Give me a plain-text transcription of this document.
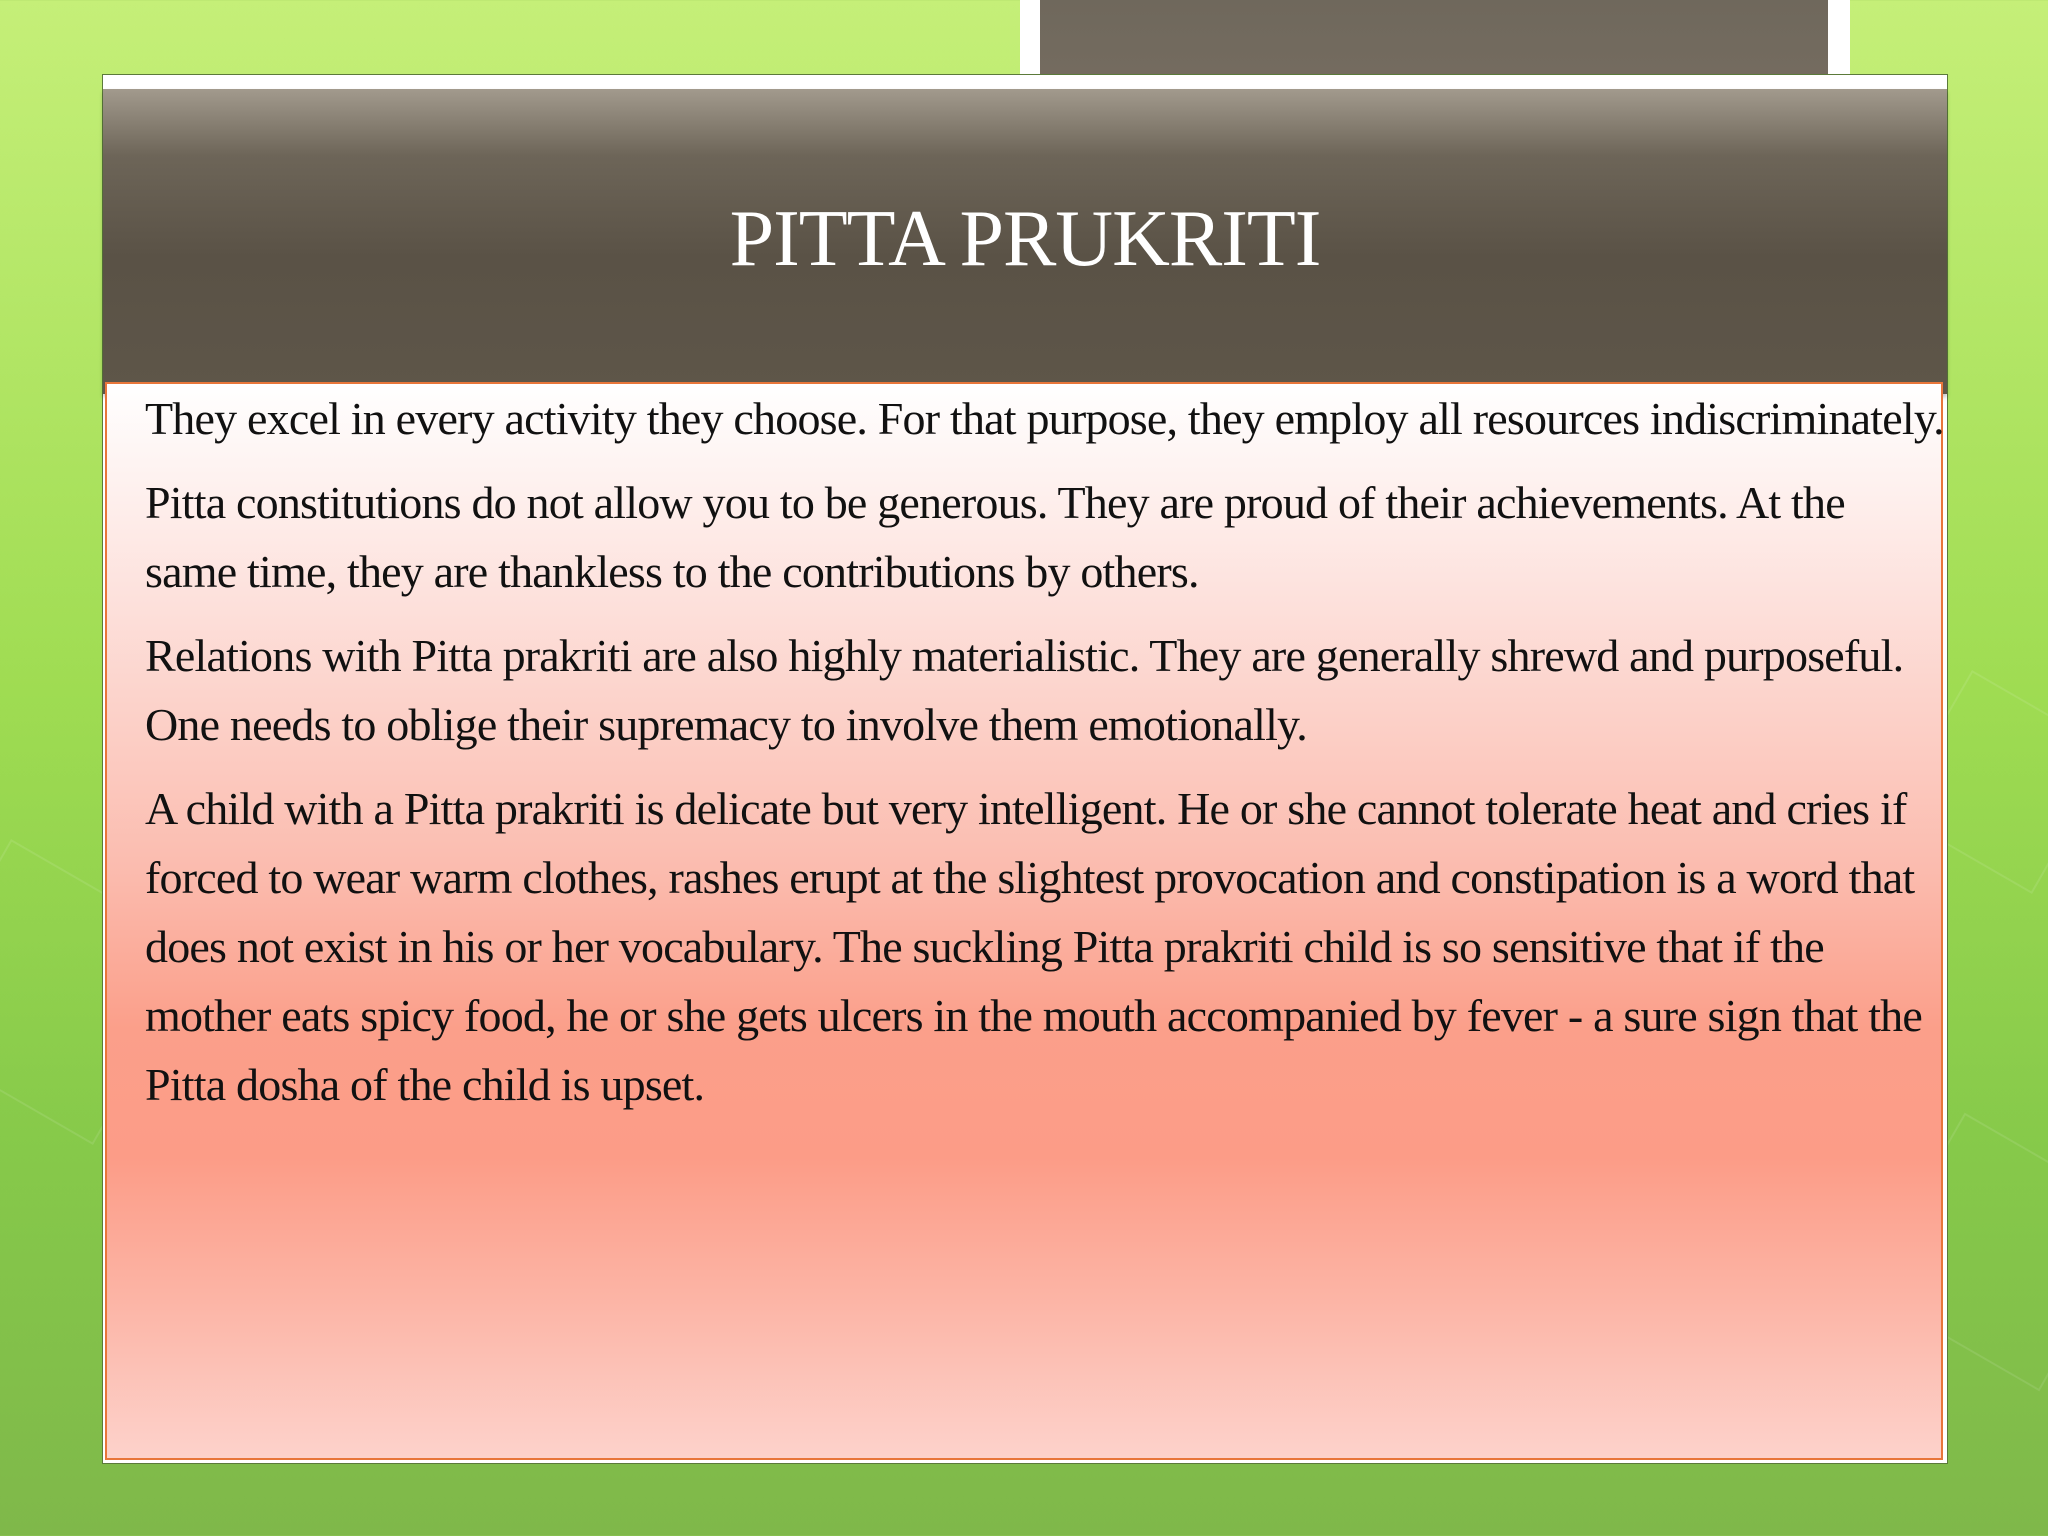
PITTA PRUKRITI

They excel in every activity they choose. For that purpose, they employ all resources indiscriminately.

Pitta constitutions do not allow you to be generous. They are proud of their achievements. At the same time, they are thankless to the contributions by others.

Relations with Pitta prakriti are also highly materialistic. They are generally shrewd and purposeful. One needs to oblige their supremacy to involve them emotionally.

A child with a Pitta prakriti is delicate but very intelligent. He or she cannot tolerate heat and cries if forced to wear warm clothes, rashes erupt at the slightest provocation and constipation is a word that does not exist in his or her vocabulary. The suckling Pitta prakriti child is so sensitive that if the mother eats spicy food, he or she gets ulcers in the mouth accompanied by fever - a sure sign that the Pitta dosha of the child is upset.
